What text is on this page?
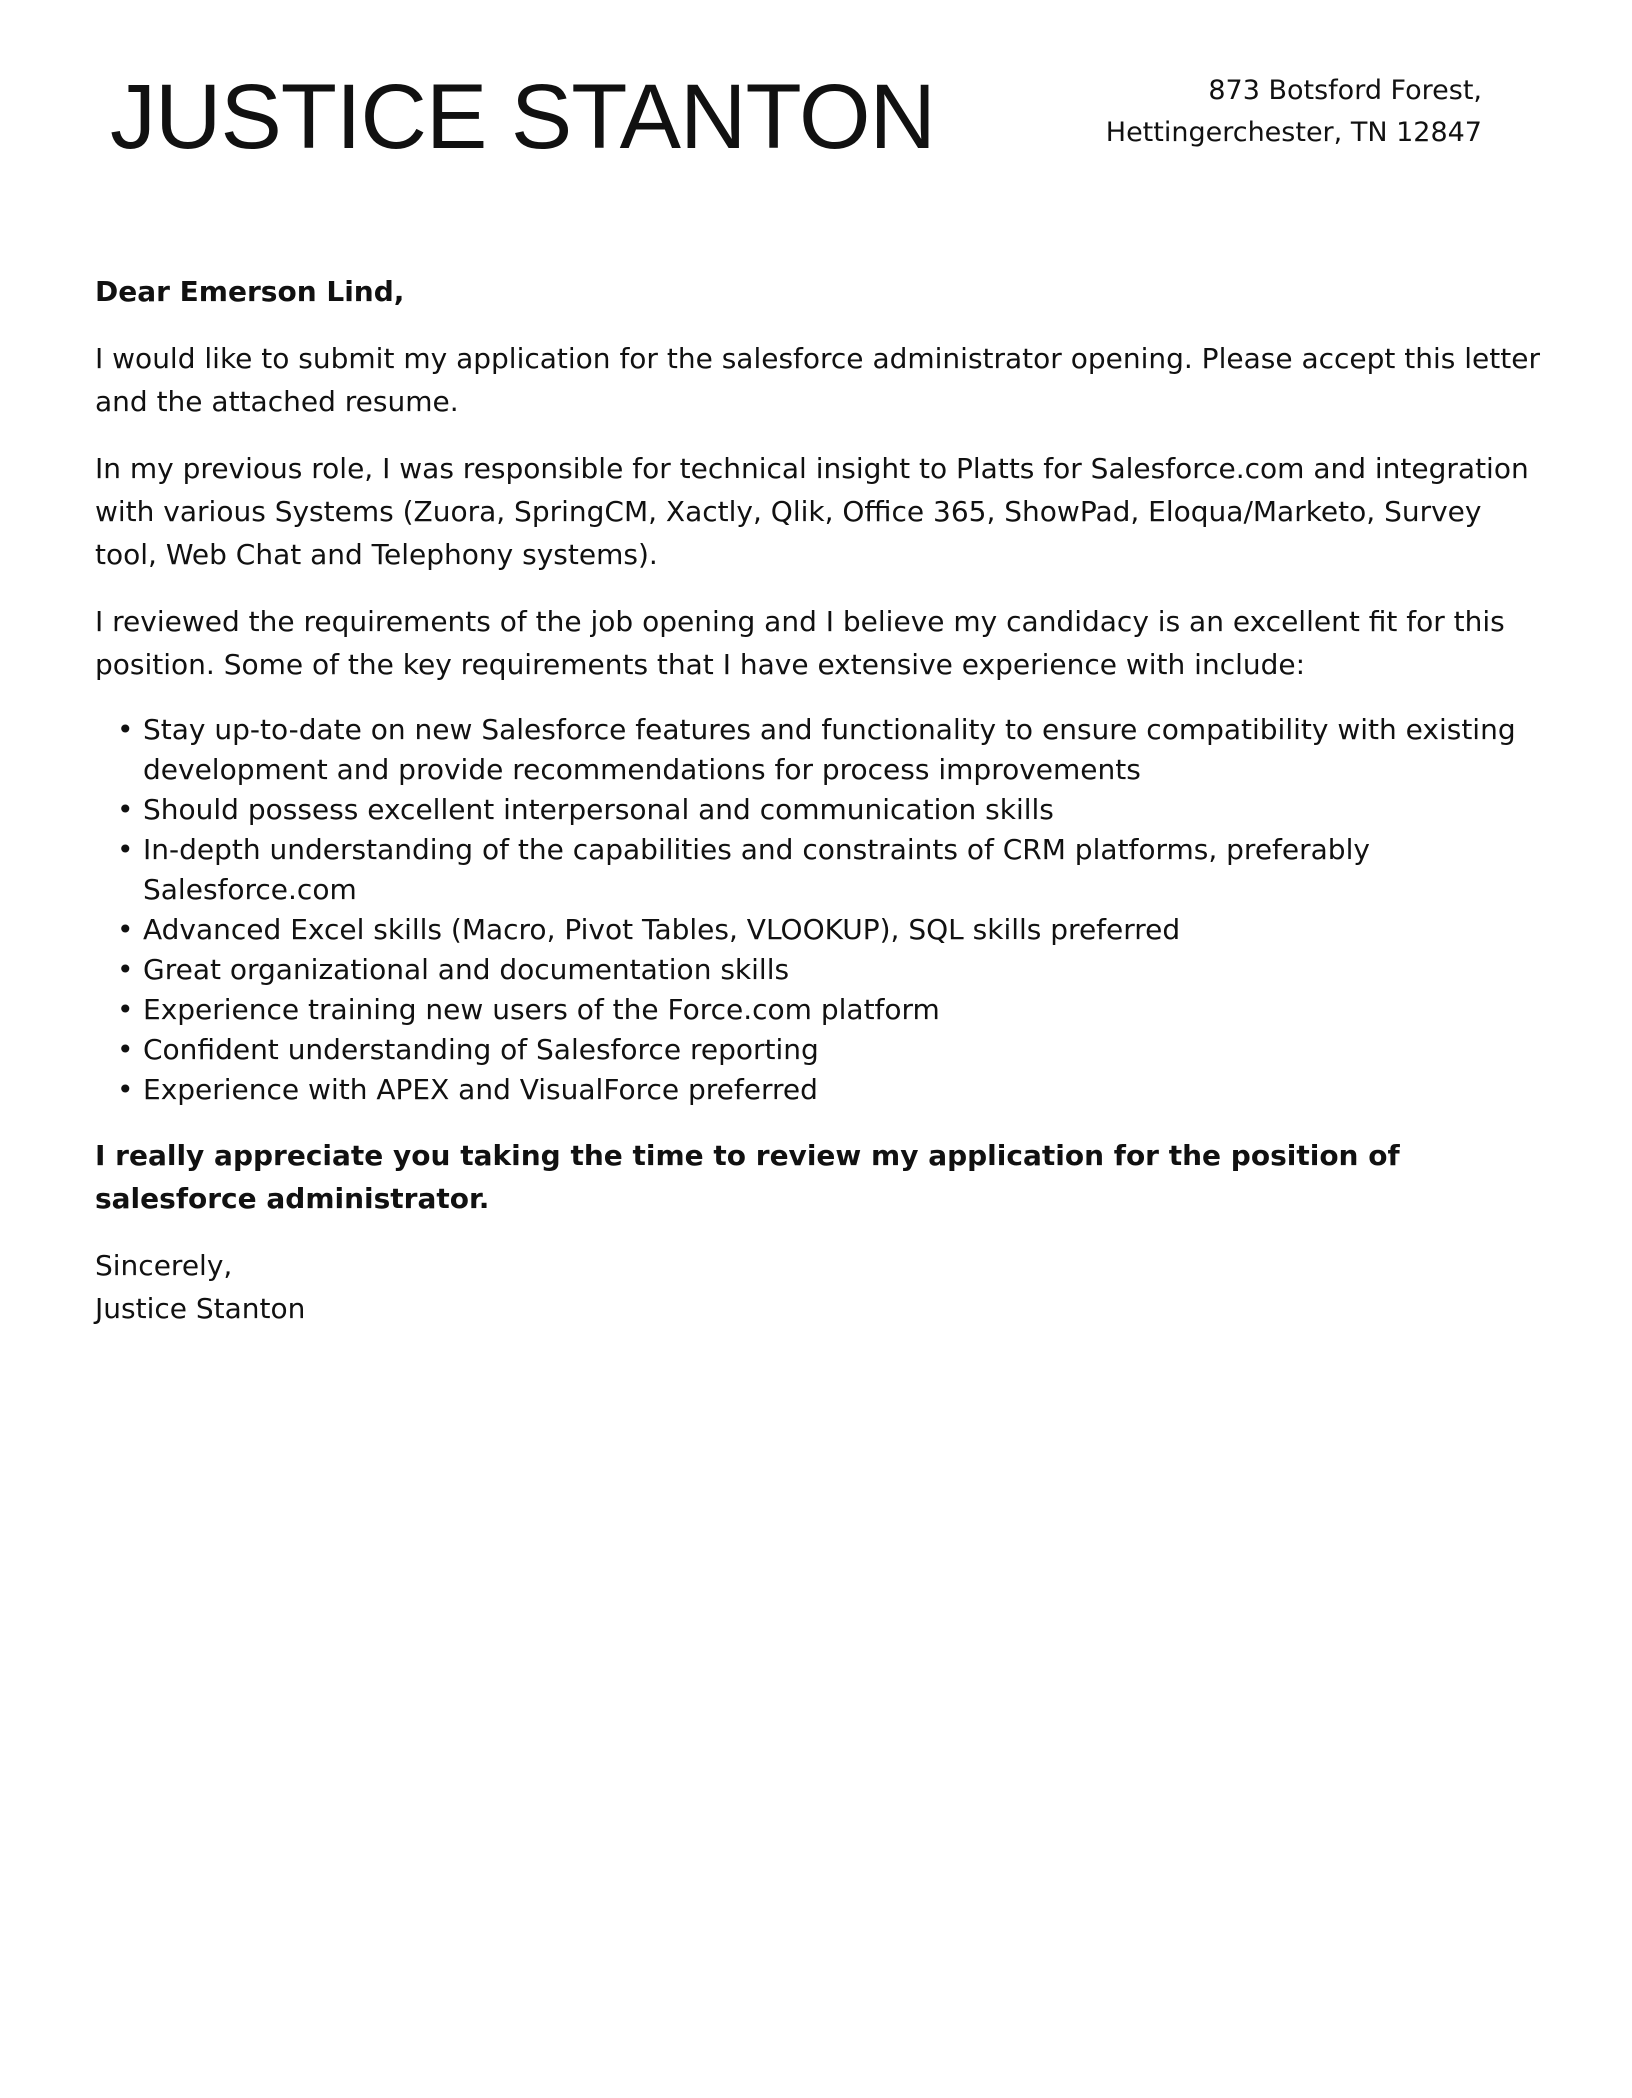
JUSTICE STANTON	873 Botsford Forest,
Hettingerchester, TN 12847

Dear Emerson Lind,

I would like to submit my application for the salesforce administrator opening. Please accept this letter and the attached resume.

In my previous role, I was responsible for technical insight to Platts for Salesforce.com and integration with various Systems (Zuora, SpringCM, Xactly, Qlik, Office 365, ShowPad, Eloqua/Marketo, Survey tool, Web Chat and Telephony systems).

I reviewed the requirements of the job opening and I believe my candidacy is an excellent fit for this position. Some of the key requirements that I have extensive experience with include:

• Stay up-to-date on new Salesforce features and functionality to ensure compatibility with existing development and provide recommendations for process improvements
• Should possess excellent interpersonal and communication skills
• In-depth understanding of the capabilities and constraints of CRM platforms, preferably Salesforce.com
• Advanced Excel skills (Macro, Pivot Tables, VLOOKUP), SQL skills preferred
• Great organizational and documentation skills
• Experience training new users of the Force.com platform
• Confident understanding of Salesforce reporting
• Experience with APEX and VisualForce preferred

I really appreciate you taking the time to review my application for the position of salesforce administrator.

Sincerely,
Justice Stanton
